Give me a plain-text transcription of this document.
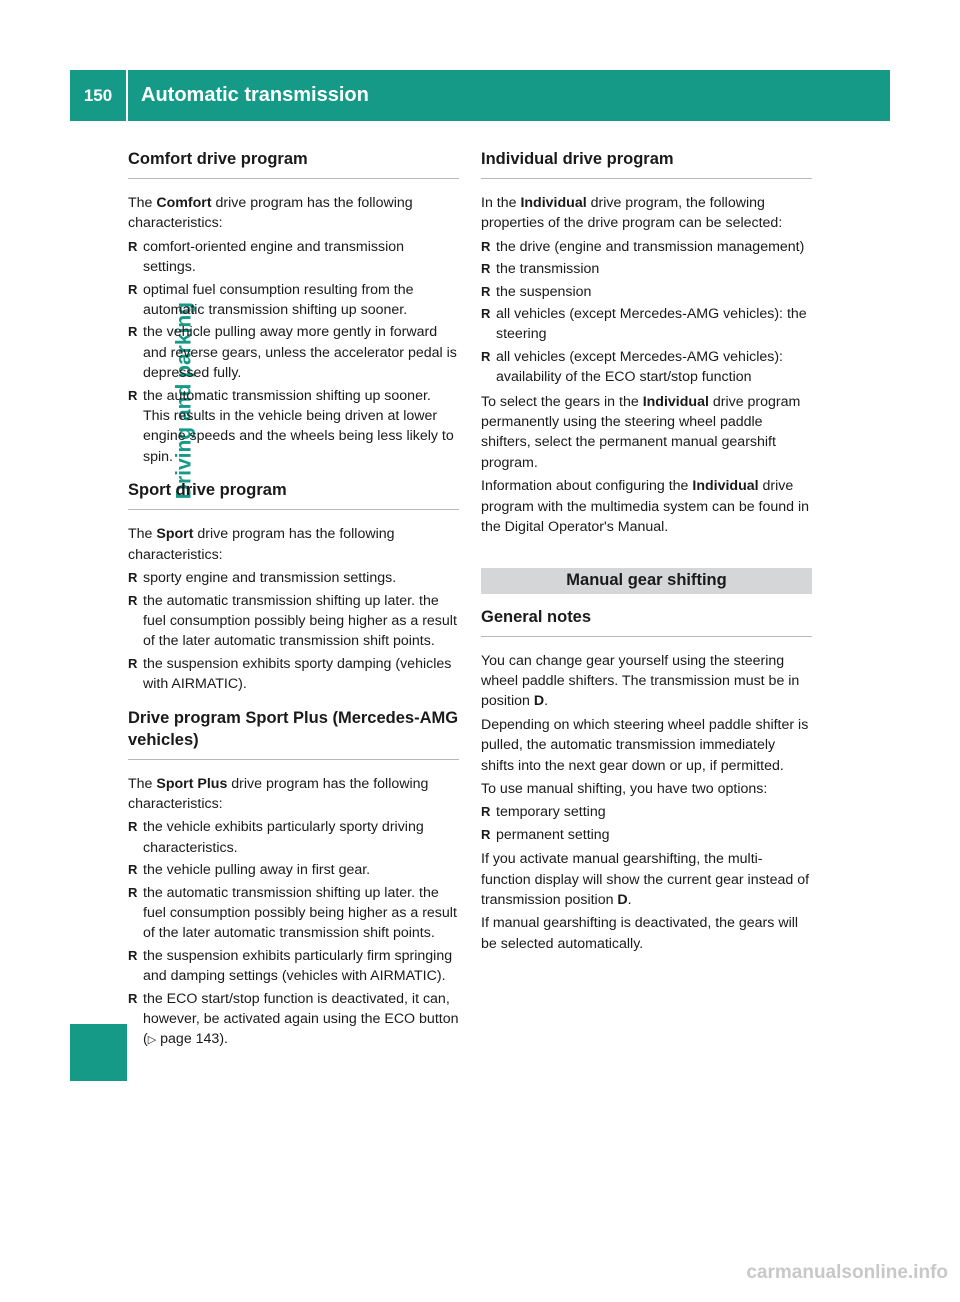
150	Automatic transmission
Driving and parking
Comfort drive program

The Comfort drive program has the following characteristics:

R comfort-oriented engine and transmission settings.
R optimal fuel consumption resulting from the automatic transmission shifting up sooner.
R the vehicle pulling away more gently in forward and reverse gears, unless the accelerator pedal is depressed fully.
R the automatic transmission shifting up sooner. This results in the vehicle being driven at lower engine speeds and the wheels being less likely to spin.
Sport drive program

The Sport drive program has the following characteristics:

R sporty engine and transmission settings.
R the automatic transmission shifting up later. the fuel consumption possibly being higher as a result of the later automatic transmission shift points.
R the suspension exhibits sporty damping (vehicles with AIRMATIC).
Drive program Sport Plus (Mercedes-AMG vehicles)

The Sport Plus drive program has the following characteristics:

R the vehicle exhibits particularly sporty driving characteristics.
R the vehicle pulling away in first gear.
R the automatic transmission shifting up later. the fuel consumption possibly being higher as a result of the later automatic transmission shift points.
R the suspension exhibits particularly firm springing and damping settings (vehicles with AIRMATIC).
R the ECO start/stop function is deactivated, it can, however, be activated again using the ECO button (▷ page 143).
Individual drive program

In the Individual drive program, the following properties of the drive program can be selected:

R the drive (engine and transmission management)
R the transmission
R the suspension
R all vehicles (except Mercedes-AMG vehicles): the steering
R all vehicles (except Mercedes-AMG vehicles): availability of the ECO start/stop function

To select the gears in the Individual drive program permanently using the steering wheel paddle shifters, select the permanent manual gearshift program.

Information about configuring the Individual drive program with the multimedia system can be found in the Digital Operator's Manual.

Manual gear shifting
General notes

You can change gear yourself using the steering wheel paddle shifters. The transmission must be in position D.

Depending on which steering wheel paddle shifter is pulled, the automatic transmission immediately shifts into the next gear down or up, if permitted.

To use manual shifting, you have two options:

R temporary setting
R permanent setting

If you activate manual gearshifting, the multi-function display will show the current gear instead of transmission position D.

If manual gearshifting is deactivated, the gears will be selected automatically.

carmanualsonline.info
